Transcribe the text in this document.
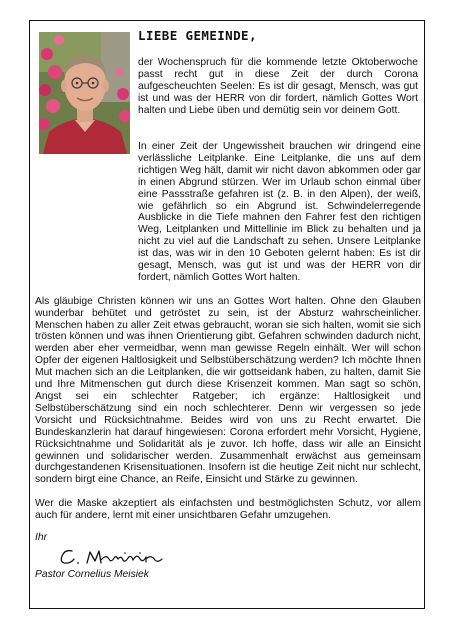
LIEBE GEMEINDE,

der Wochenspruch für die kommende letzte Oktoberwoche passt recht gut in diese Zeit der durch Corona aufgescheuchten Seelen: Es ist dir gesagt, Mensch, was gut ist und was der HERR von dir fordert, nämlich Gottes Wort halten und Liebe üben und demütig sein vor deinem Gott.

In einer Zeit der Ungewissheit brauchen wir dringend eine verlässliche Leitplanke. Eine Leitplanke, die uns auf dem richtigen Weg hält, damit wir nicht davon abkommen oder gar in einen Abgrund stürzen. Wer im Urlaub schon einmal über eine Passstraße gefahren ist (z. B. in den Alpen), der weiß, wie gefährlich so ein Abgrund ist. Schwindelerregende Ausblicke in die Tiefe mahnen den Fahrer fest den richtigen Weg, Leitplanken und Mittellinie im Blick zu behalten und ja nicht zu viel auf die Landschaft zu sehen. Unsere Leitplanke ist das, was wir in den 10 Geboten gelernt haben: Es ist dir gesagt, Mensch, was gut ist und was der HERR von dir fordert, nämlich Gottes Wort halten.

Als gläubige Christen können wir uns an Gottes Wort halten. Ohne den Glauben wunderbar behütet und getröstet zu sein, ist der Absturz wahrscheinlicher. Menschen haben zu aller Zeit etwas gebraucht, woran sie sich halten, womit sie sich trösten können und was ihnen Orientierung gibt. Gefahren schwinden dadurch nicht, werden aber eher vermeidbar, wenn man gewisse Regeln einhält. Wer will schon Opfer der eigenen Haltlosigkeit und Selbstüberschätzung werden? Ich möchte Ihnen Mut machen sich an die Leitplanken, die wir gottseidank haben, zu halten, damit Sie und Ihre Mitmenschen gut durch diese Krisenzeit kommen. Man sagt so schön, Angst sei ein schlechter Ratgeber; ich ergänze: Haltlosigkeit und Selbstüberschätzung sind ein noch schlechterer. Denn wir vergessen so jede Vorsicht und Rücksichtnahme. Beides wird von uns zu Recht erwartet. Die Bundeskanzlerin hat darauf hingewiesen: Corona erfordert mehr Vorsicht, Hygiene, Rücksichtnahme und Solidarität als je zuvor. Ich hoffe, dass wir alle an Einsicht gewinnen und solidarischer werden. Zusammenhalt erwächst aus gemeinsam durchgestandenen Krisensituationen. Insofern ist die heutige Zeit nicht nur schlecht, sondern birgt eine Chance, an Reife, Einsicht und Stärke zu gewinnen.

Wer die Maske akzeptiert als einfachsten und bestmöglichsten Schutz, vor allem auch für andere, lernt mit einer unsichtbaren Gefahr umzugehen.

Ihr

Pastor Cornelius Meisiek
